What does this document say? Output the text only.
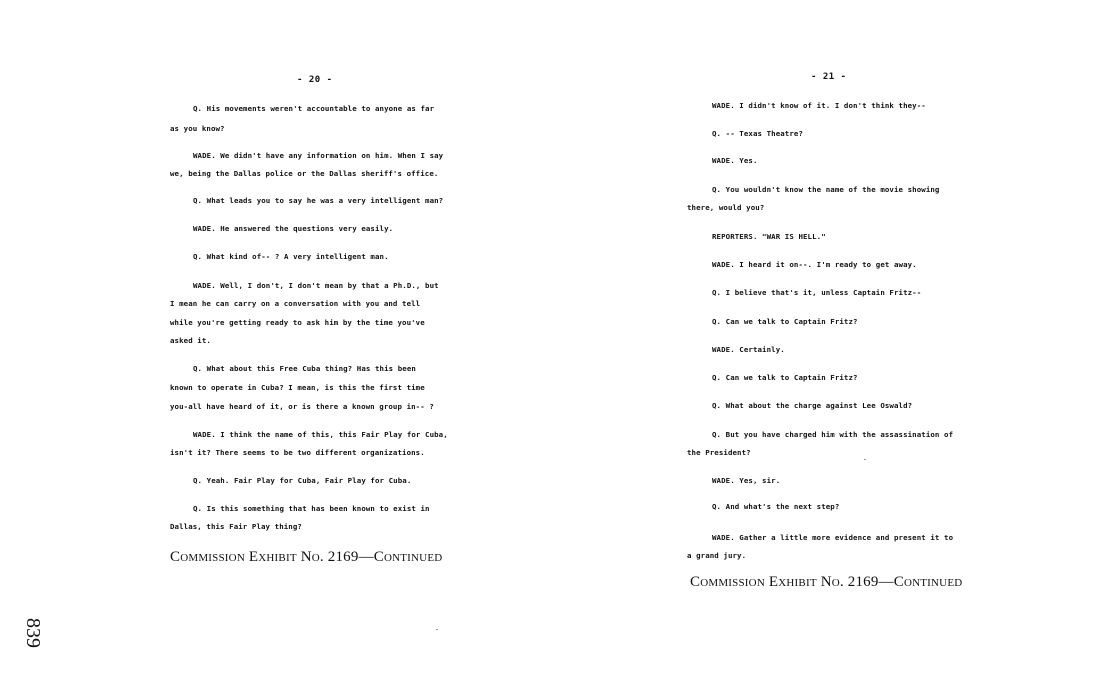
- 20 -
Q. His movements weren't accountable to anyone as far
as you know?
WADE. We didn't have any information on him. When I say
we, being the Dallas police or the Dallas sheriff's office.
Q. What leads you to say he was a very intelligent man?
WADE. He answered the questions very easily.
Q. What kind of-- ? A very intelligent man.
WADE. Well, I don't, I don't mean by that a Ph.D., but
I mean he can carry on a conversation with you and tell
while you're getting ready to ask him by the time you've
asked it.
Q. What about this Free Cuba thing? Has this been
known to operate in Cuba? I mean, is this the first time
you-all have heard of it, or is there a known group in-- ?
WADE. I think the name of this, this Fair Play for Cuba,
isn't it? There seems to be two different organizations.
Q. Yeah. Fair Play for Cuba, Fair Play for Cuba.
Q. Is this something that has been known to exist in
Dallas, this Fair Play thing?
Commission Exhibit No. 2169—Continued
- 21 -
WADE. I didn't know of it. I don't think they--
Q. -- Texas Theatre?
WADE. Yes.
Q. You wouldn't know the name of the movie showing
there, would you?
REPORTERS. "WAR IS HELL."
WADE. I heard it on--. I'm ready to get away.
Q. I believe that's it, unless Captain Fritz--
Q. Can we talk to Captain Fritz?
WADE. Certainly.
Q. Can we talk to Captain Fritz?
Q. What about the charge against Lee Oswald?
Q. But you have charged him with the assassination of
the President?
WADE. Yes, sir.
Q. And what's the next step?
WADE. Gather a little more evidence and present it to
a grand jury.
Commission Exhibit No. 2169—Continued
839
